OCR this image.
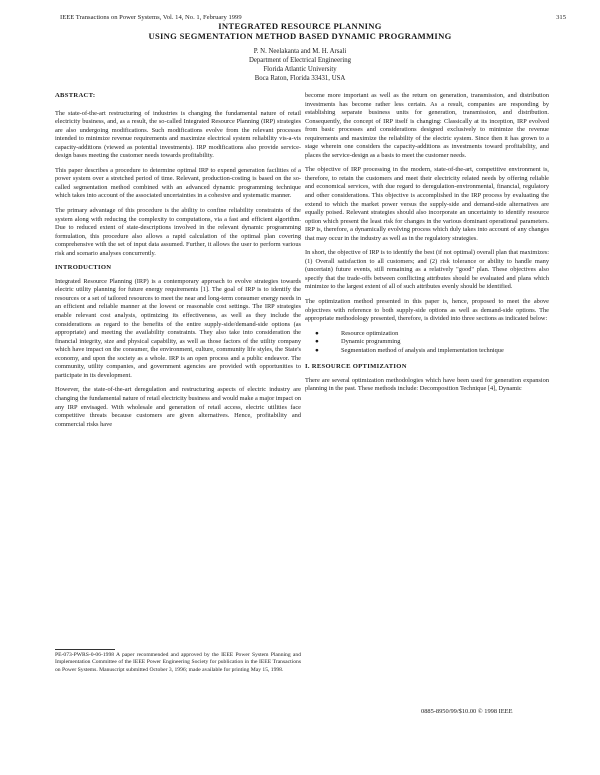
IEEE Transactions on Power Systems, Vol. 14, No. 1, February 1999	315
INTEGRATED RESOURCE PLANNING
USING SEGMENTATION METHOD BASED DYNAMIC PROGRAMMING
P. N. Neelakanta and M. H. Arsali
Department of Electrical Engineering
Florida Atlantic University
Boca Raton, Florida 33431, USA
ABSTRACT:

The state-of-the-art restructuring of industries is changing the fundamental nature of retail electricity business, and, as a result, the so-called Integrated Resource Planning (IRP) strategies are also undergoing modifications. Such modifications evolve from the relevant processes intended to minimize revenue requirements and maximize electrical system reliability vis-a-vis capacity-additions (viewed as potential investments). IRP modifications also provide service-design bases meeting the customer needs towards profitability.

This paper describes a procedure to determine optimal IRP to expend generation facilities of a power system over a stretched period of time. Relevant, production-costing is based on the so-called segmentation method combined with an advanced dynamic programming technique which takes into account of the associated uncertainties in a cohesive and systematic manner.

The primary advantage of this procedure is the ability to confine reliability constraints of the system along with reducing the complexity to computations, via a fast and efficient algorithm. Due to reduced extent of state-descriptions involved in the relevant dynamic programming formulation, this procedure also allows a rapid calculation of the optimal plan covering comprehensive with the set of input data assumed. Further, it allows the user to perform various risk and scenario analyses concurrently.

INTRODUCTION

Integrated Resource Planning (IRP) is a contemporary approach to evolve strategies towards electric utility planning for future energy requirements [1]. The goal of IRP is to identify the resources or a set of tailored resources to meet the near and long-term consumer energy needs in an efficient and reliable manner at the lowest or reasonable cost settings. The IRP strategies enable relevant cost analysis, optimizing its effectiveness, as well as they include the considerations as regard to the benefits of the entire supply-side/demand-side options (as appropriate) and meeting the availability constraints. They also take into consideration the financial integrity, size and physical capability, as well as those factors of the utility company which have impact on the consumer, the environment, culture, community life styles, the State's economy, and upon the society as a whole. IRP is an open process and a public endeavor. The community, utility companies, and government agencies are provided with opportunities to participate in its development.

However, the state-of-the-art deregulation and restructuring aspects of electric industry are changing the fundamental nature of retail electricity business and would make a major impact on any IRP envisaged. With wholesale and generation of retail access, electric utilities face competitive threats because customers are given alternatives. Hence, profitability and commercial risks have

become more important as well as the return on generation, transmission, and distribution investments has become rather less certain. As a result, companies are responding by establishing separate business units for generation, transmission, and distribution. Consequently, the concept of IRP itself is changing: Classically at its inception, IRP evolved from basic processes and considerations designed exclusively to minimize the revenue requirements and maximize the reliability of the electric system. Since then it has grown to a stage wherein one considers the capacity-additions as investments toward profitability, and places the service-design as a basis to meet the customer needs.

The objective of IRP processing in the modern, state-of-the-art, competitive environment is, therefore, to retain the customers and meet their electricity related needs by offering reliable and economical services, with due regard to deregulation-environmental, financial, regulatory and other considerations. This objective is accomplished in the IRP process by evaluating the extend to which the market power versus the supply-side and demand-side alternatives are equally poised. Relevant strategies should also incorporate an uncertainty to identify resource option which present the least risk for changes in the various dominant operational parameters. IRP is, therefore, a dynamically evolving process which duly takes into account of any changes that may occur in the industry as well as in the regulatory strategies.

In short, the objective of IRP is to identify the best (if not optimal) overall plan that maximizes: (1) Overall satisfaction to all customers; and (2) risk tolerance or ability to handle many (uncertain) future events, still remaining as a relatively "good" plan. These objectives also specify that the trade-offs between conflicting attributes should be evaluated and plans which minimize to the largest extent of all of such attributes evenly should be identified.

The optimization method presented in this paper is, hence, proposed to meet the above objectives with reference to both supply-side options as well as demand-side options. The appropriate methodology presented, therefore, is divided into three sections as indicated below:

●	Resource optimization
●	Dynamic programming
●	Segmentation method of analysis and implementation technique
I. RESOURCE OPTIMIZATION

There are several optimization methodologies which have been used for generation expansion planning in the past. These methods include: Decomposition Technique [4], Dynamic

PE-073-PWRS-0-06-1998 A paper recommended and approved by the IEEE Power System Planning and Implementation Committee of the IEEE Power Engineering Society for publication in the IEEE Transactions on Power Systems. Manuscript submitted October 3, 1996; made available for printing May 15, 1998.
0885-8950/99/$10.00 © 1998 IEEE
